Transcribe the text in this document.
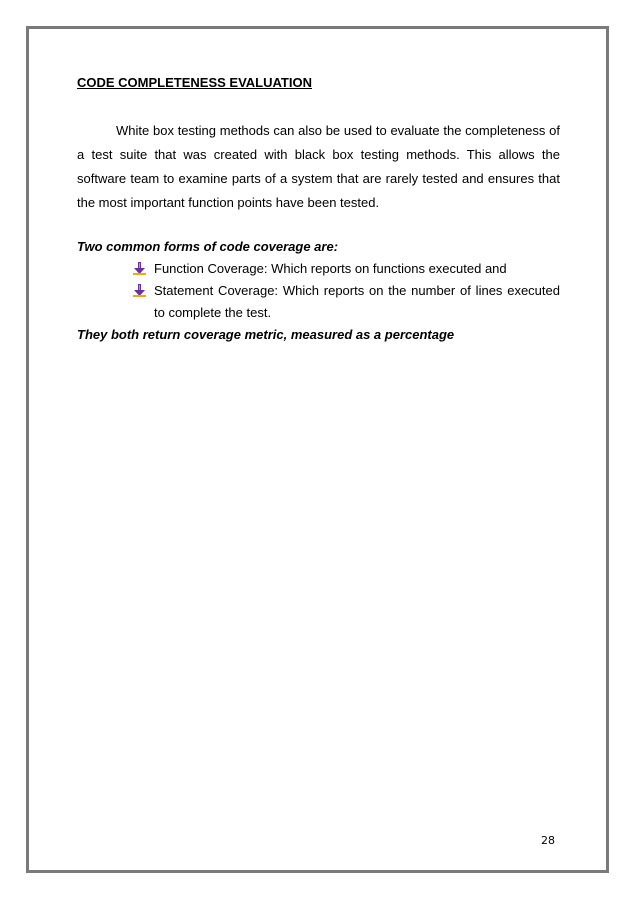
CODE COMPLETENESS EVALUATION

White box testing methods can also be used to evaluate the completeness of a test suite that was created with black box testing methods. This allows the software team to examine parts of a system that are rarely tested and ensures that the most important function points have been tested.

Two common forms of code coverage are:
Function Coverage: Which reports on functions executed and
Statement Coverage: Which reports on the number of lines executed to complete the test.
They both return coverage metric, measured as a percentage
28
